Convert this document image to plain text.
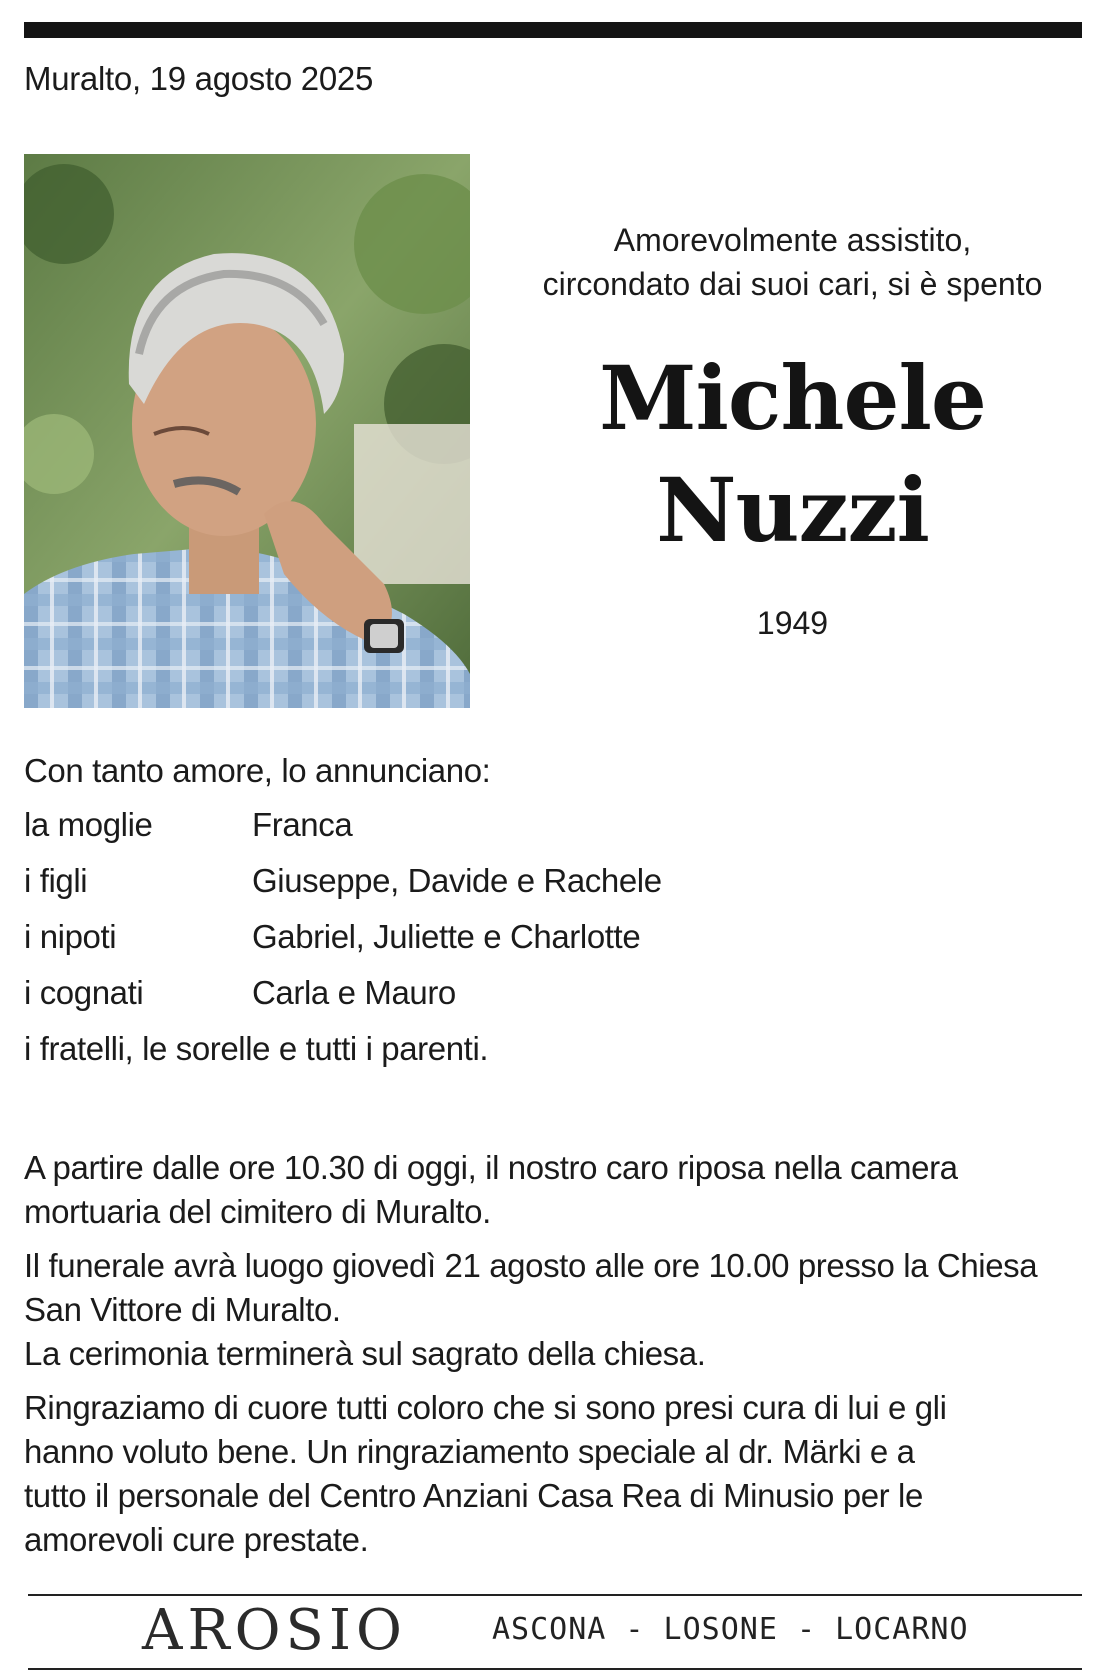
Muralto, 19 agosto 2025
Amorevolmente assistito,
circondato dai suoi cari, si è spento
Michele
Nuzzi
1949
Con tanto amore, lo annunciano:
la moglie	Franca
i figli	Giuseppe, Davide e Rachele
i nipoti	Gabriel, Juliette e Charlotte
i cognati	Carla e Mauro
i fratelli, le sorelle e tutti i parenti.

A partire dalle ore 10.30 di oggi, il nostro caro riposa nella camera mortuaria del cimitero di Muralto.

Il funerale avrà luogo giovedì 21 agosto alle ore 10.00 presso la Chiesa San Vittore di Muralto.
La cerimonia terminerà sul sagrato della chiesa.

Ringraziamo di cuore tutti coloro che si sono presi cura di lui e gli hanno voluto bene. Un ringraziamento speciale al dr. Märki e a tutto il personale del Centro Anziani Casa Rea di Minusio per le amorevoli cure prestate.

AROSIO	ASCONA - LOSONE - LOCARNO
